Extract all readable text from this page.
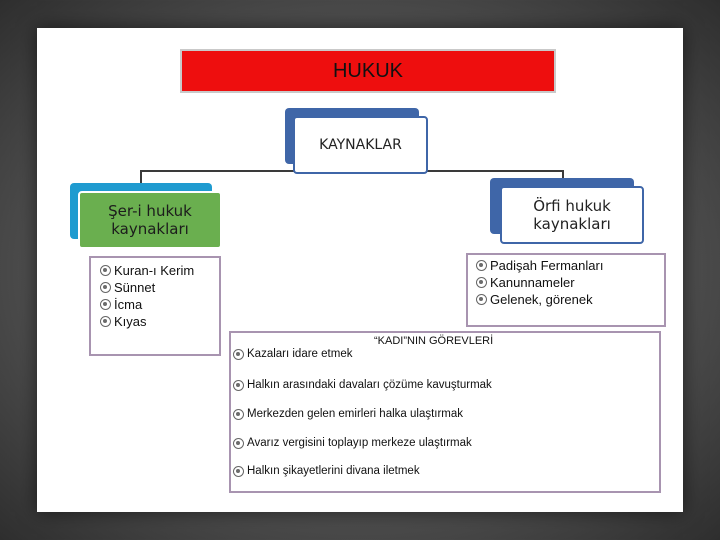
HUKUK
KAYNAKLAR
Şer-i hukuk kaynakları
Örfi hukuk kaynakları
Kuran-ı Kerim
Sünnet
İcma
Kıyas
Padişah Fermanları
Kanunnameler
Gelenek, görenek
“KADI”NIN GÖREVLERİ
Kazaları idare etmek
Halkın arasındaki davaları çözüme kavuşturmak
Merkezden gelen emirleri halka ulaştırmak
Avarız vergisini toplayıp merkeze ulaştırmak
Halkın şikayetlerini divana iletmek
